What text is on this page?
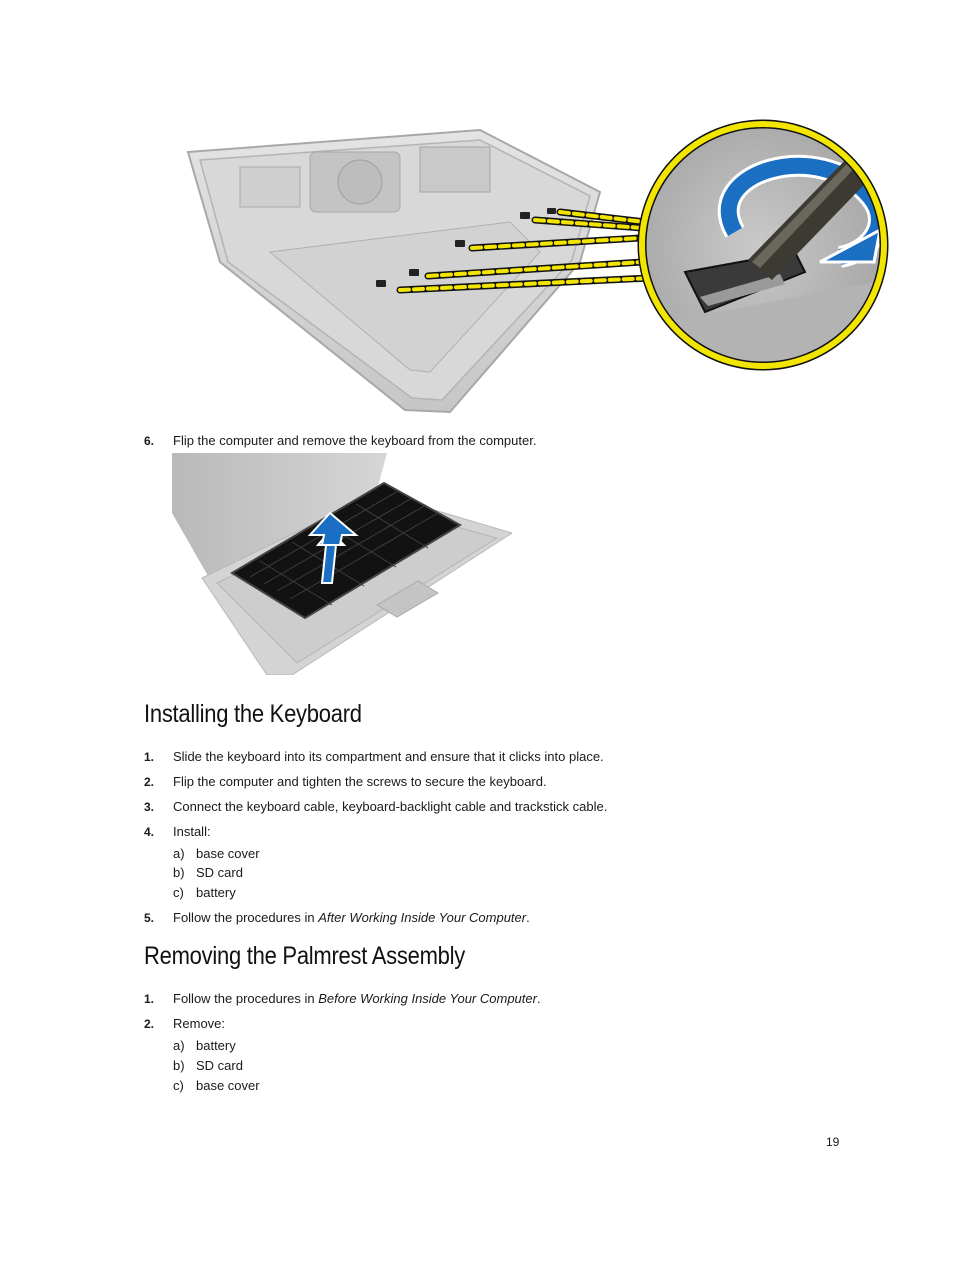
6. Flip the computer and remove the keyboard from the computer.
Installing the Keyboard
1. Slide the keyboard into its compartment and ensure that it clicks into place.
2. Flip the computer and tighten the screws to secure the keyboard.
3. Connect the keyboard cable, keyboard-backlight cable and trackstick cable.
4. Install:
a) base cover
b) SD card
c) battery
5. Follow the procedures in After Working Inside Your Computer.
Removing the Palmrest Assembly
1. Follow the procedures in Before Working Inside Your Computer.
2. Remove:
a) battery
b) SD card
c) base cover
19
